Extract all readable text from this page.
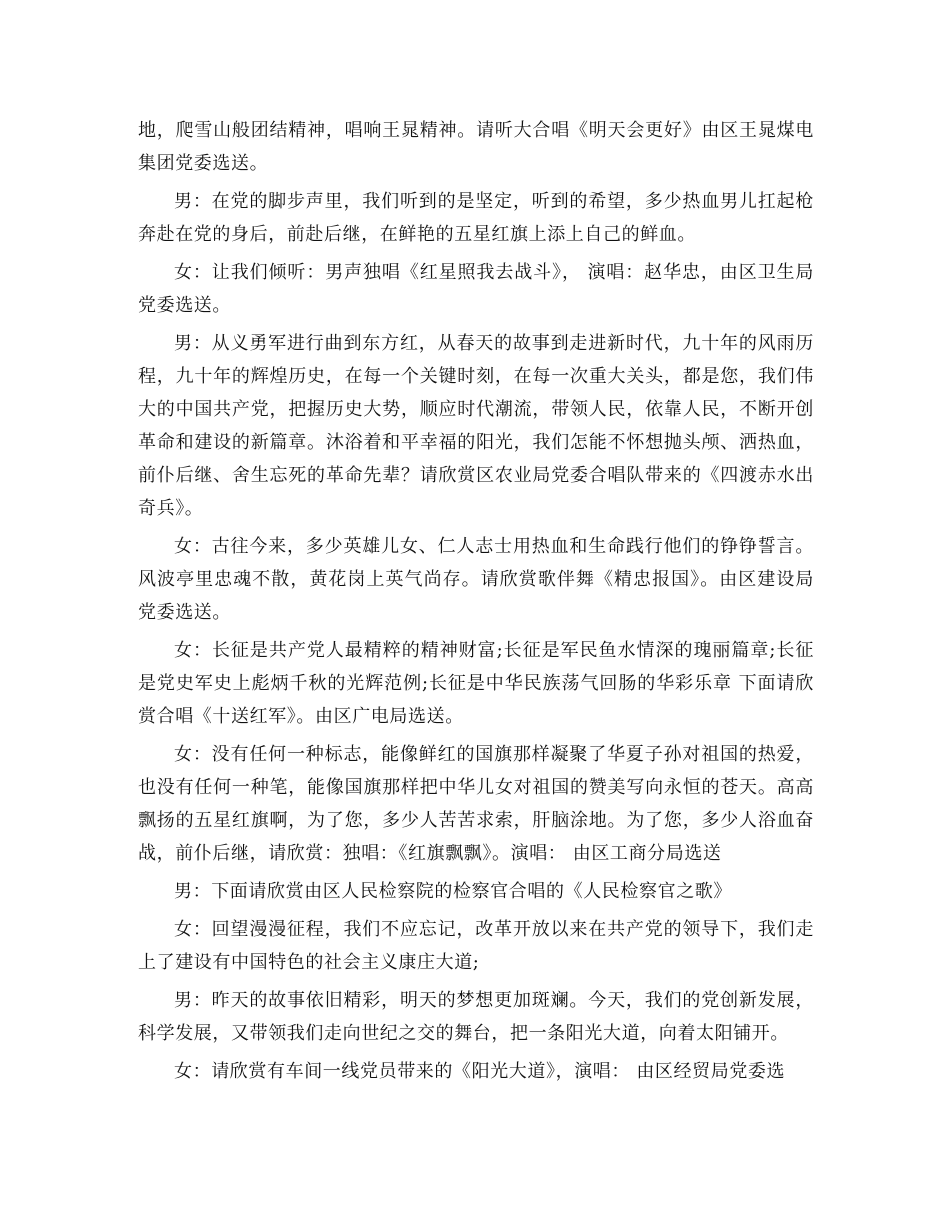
地，爬雪山般团结精神，唱响王晁精神。请听大合唱《明天会更好》由区王晁煤电集团党委选送。

男：在党的脚步声里，我们听到的是坚定，听到的希望，多少热血男儿扛起枪奔赴在党的身后，前赴后继，在鲜艳的五星红旗上添上自己的鲜血。

女：让我们倾听：男声独唱《红星照我去战斗》， 演唱：赵华忠，由区卫生局党委选送。

男：从义勇军进行曲到东方红，从春天的故事到走进新时代，九十年的风雨历程，九十年的辉煌历史，在每一个关键时刻，在每一次重大关头，都是您，我们伟大的中国共产党，把握历史大势，顺应时代潮流，带领人民，依靠人民，不断开创革命和建设的新篇章。沐浴着和平幸福的阳光，我们怎能不怀想抛头颅、洒热血，前仆后继、舍生忘死的革命先辈？请欣赏区农业局党委合唱队带来的《四渡赤水出奇兵》。

女：古往今来，多少英雄儿女、仁人志士用热血和生命践行他们的铮铮誓言。风波亭里忠魂不散，黄花岗上英气尚存。请欣赏歌伴舞《精忠报国》。由区建设局党委选送。

女：长征是共产党人最精粹的精神财富;长征是军民鱼水情深的瑰丽篇章;长征是党史军史上彪炳千秋的光辉范例;长征是中华民族荡气回肠的华彩乐章 下面请欣赏合唱《十送红军》。由区广电局选送。

女：没有任何一种标志，能像鲜红的国旗那样凝聚了华夏子孙对祖国的热爱，也没有任何一种笔，能像国旗那样把中华儿女对祖国的赞美写向永恒的苍天。高高飘扬的五星红旗啊，为了您，多少人苦苦求索，肝脑涂地。为了您，多少人浴血奋战，前仆后继，请欣赏：独唱：《红旗飘飘》。演唱： 由区工商分局选送

男：下面请欣赏由区人民检察院的检察官合唱的《人民检察官之歌》

女：回望漫漫征程，我们不应忘记，改革开放以来在共产党的领导下，我们走上了建设有中国特色的社会主义康庄大道;

男：昨天的故事依旧精彩，明天的梦想更加斑斓。今天，我们的党创新发展，科学发展，又带领我们走向世纪之交的舞台，把一条阳光大道，向着太阳铺开。

女：请欣赏有车间一线党员带来的《阳光大道》，演唱： 由区经贸局党委选
